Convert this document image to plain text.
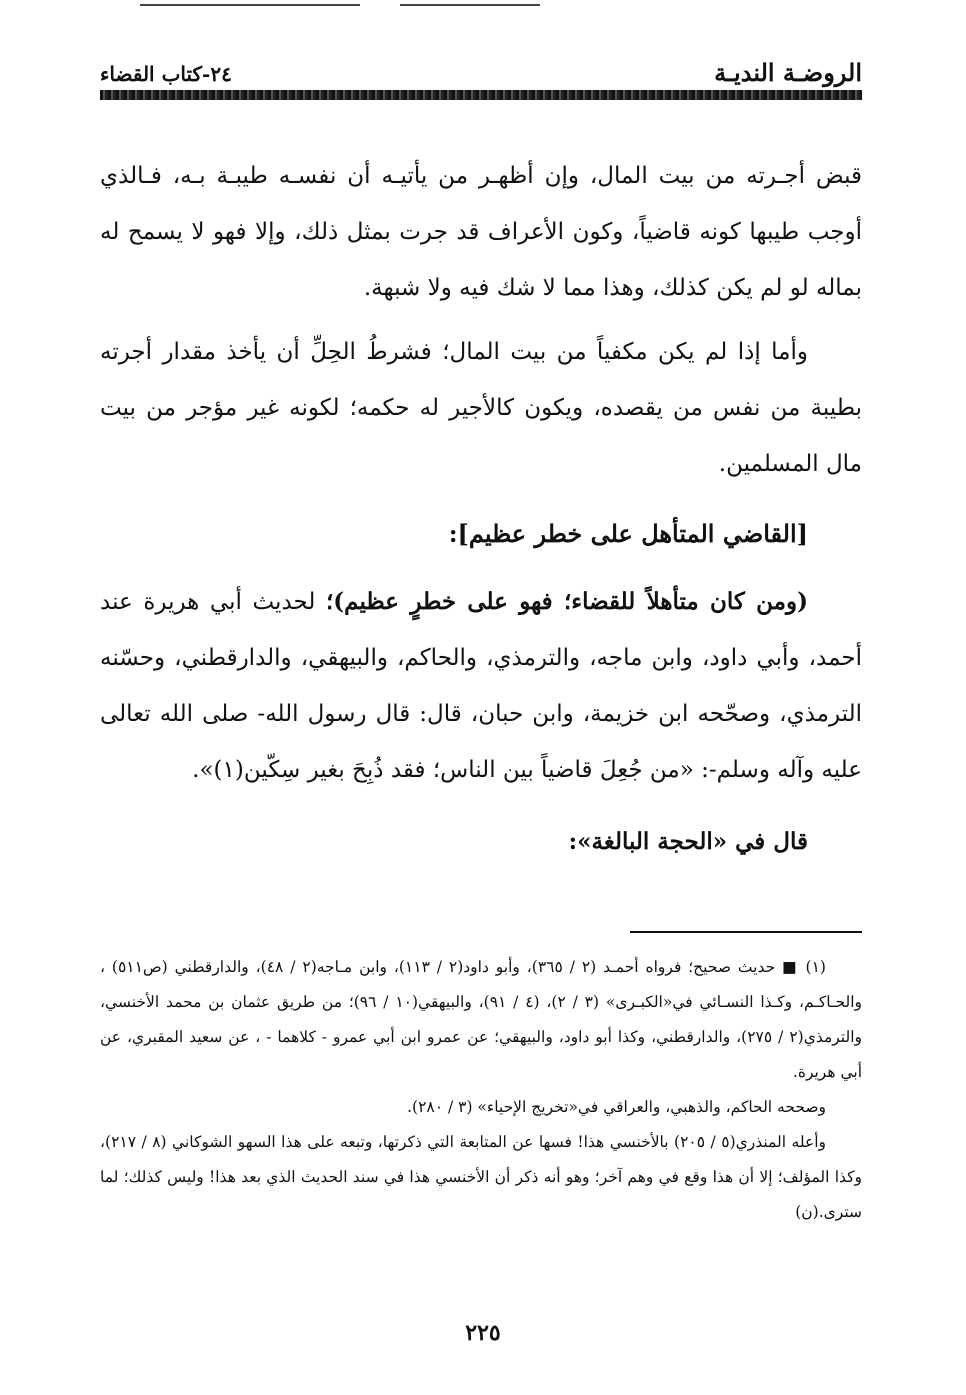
الروضـة النديـة
٢٤-كتاب القضاء

قبض أجـرته من بيت المال، وإن أظهـر من يأتيـه أن نفسـه طيبـة بـه، فـالذي أوجب طيبها كونه قاضياً، وكون الأعراف قد جرت بمثل ذلك، وإلا فهو لا يسمح له بماله لو لم يكن كذلك، وهذا مما لا شك فيه ولا شبهة.

وأما إذا لم يكن مكفياً من بيت المال؛ فشرطُ الحِلِّ أن يأخذ مقدار أجرته بطيبة من نفس من يقصده، ويكون كالأجير له حكمه؛ لكونه غير مؤجر من بيت مال المسلمين.

[القاضي المتأهل على خطر عظيم]:

(ومن كان متأهلاً للقضاء؛ فهو على خطرٍ عظيم)؛ لحديث أبي هريرة عند أحمد، وأبي داود، وابن ماجه، والترمذي، والحاكم، والبيهقي، والدارقطني، وحسّنه الترمذي، وصحّحه ابن خزيمة، وابن حبان، قال: قال رسول الله- صلى الله تعالى عليه وآله وسلم-: «من جُعِلَ قاضياً بين الناس؛ فقد ذُبِحَ بغير سِكّين(١)».

قال في «الحجة البالغة»:

(١) ■ حديث صحيح؛ فرواه أحمـد (٢ / ٣٦٥)، وأبو داود(٢ / ١١٣)، وابن مـاجه(٢ / ٤٨)، والدارقطني (ص٥١١) ، والحـاكـم، وكـذا النسـائي في«الكبـرى» (٣ / ٢)، (٤ / ٩١)، والبيهقي(١٠ / ٩٦)؛ من طريق عثمان بن محمد الأخنسي، والترمذي(٢ / ٢٧٥)، والدارقطني، وكذا أبو داود، والبيهقي؛ عن عمرو ابن أبي عمرو - كلاهما - ، عن سعيد المقبري، عن أبي هريرة.

وصححه الحاكم، والذهبي، والعراقي في«تخريج الإحياء» (٣ / ٢٨٠).

وأعله المنذري(٥ / ٢٠٥) بالأخنسي هذا! فسها عن المتابعة التي ذكرتها، وتبعه على هذا السهو الشوكاني (٨ / ٢١٧)، وكذا المؤلف؛ إلا أن هذا وقع في وهم آخر؛ وهو أنه ذكر أن الأخنسي هذا في سند الحديث الذي بعد هذا! وليس كذلك؛ لما سترى.(ن)

٢٢٥
